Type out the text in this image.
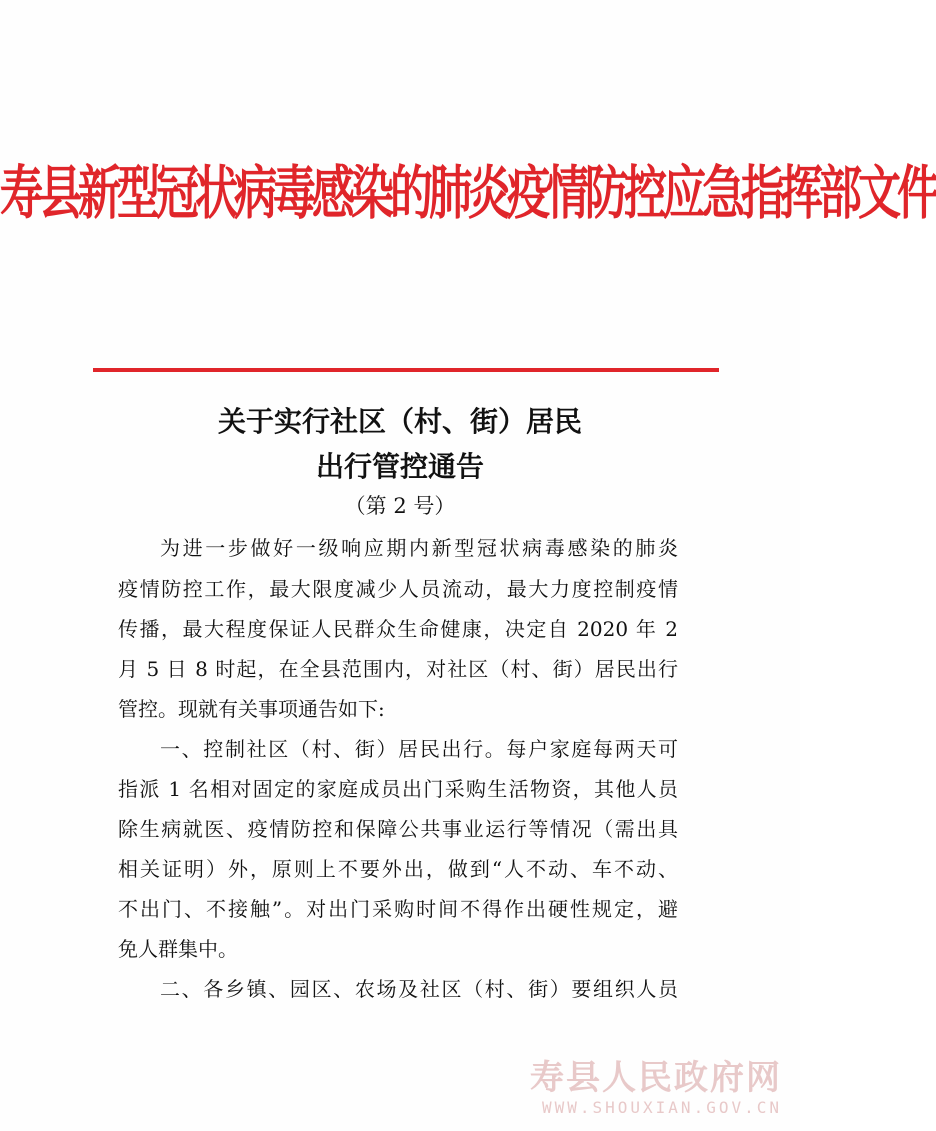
寿县新型冠状病毒感染的肺炎疫情防控应急指挥部文件
关于实行社区（村、街）居民
出行管控通告
（第 2 号）
为进一步做好一级响应期内新型冠状病毒感染的肺炎
疫情防控工作，最大限度减少人员流动，最大力度控制疫情
传播，最大程度保证人民群众生命健康，决定自 2020 年 2
月 5 日 8 时起，在全县范围内，对社区（村、街）居民出行
管控。现就有关事项通告如下:
一、控制社区（村、街）居民出行。每户家庭每两天可
指派 1 名相对固定的家庭成员出门采购生活物资，其他人员
除生病就医、疫情防控和保障公共事业运行等情况（需出具
相关证明）外，原则上不要外出，做到“人不动、车不动、
不出门、不接触”。对出门采购时间不得作出硬性规定，避
免人群集中。
二、各乡镇、园区、农场及社区（村、街）要组织人员
寿县人民政府网
WWW.SHOUXIAN.GOV.CN
